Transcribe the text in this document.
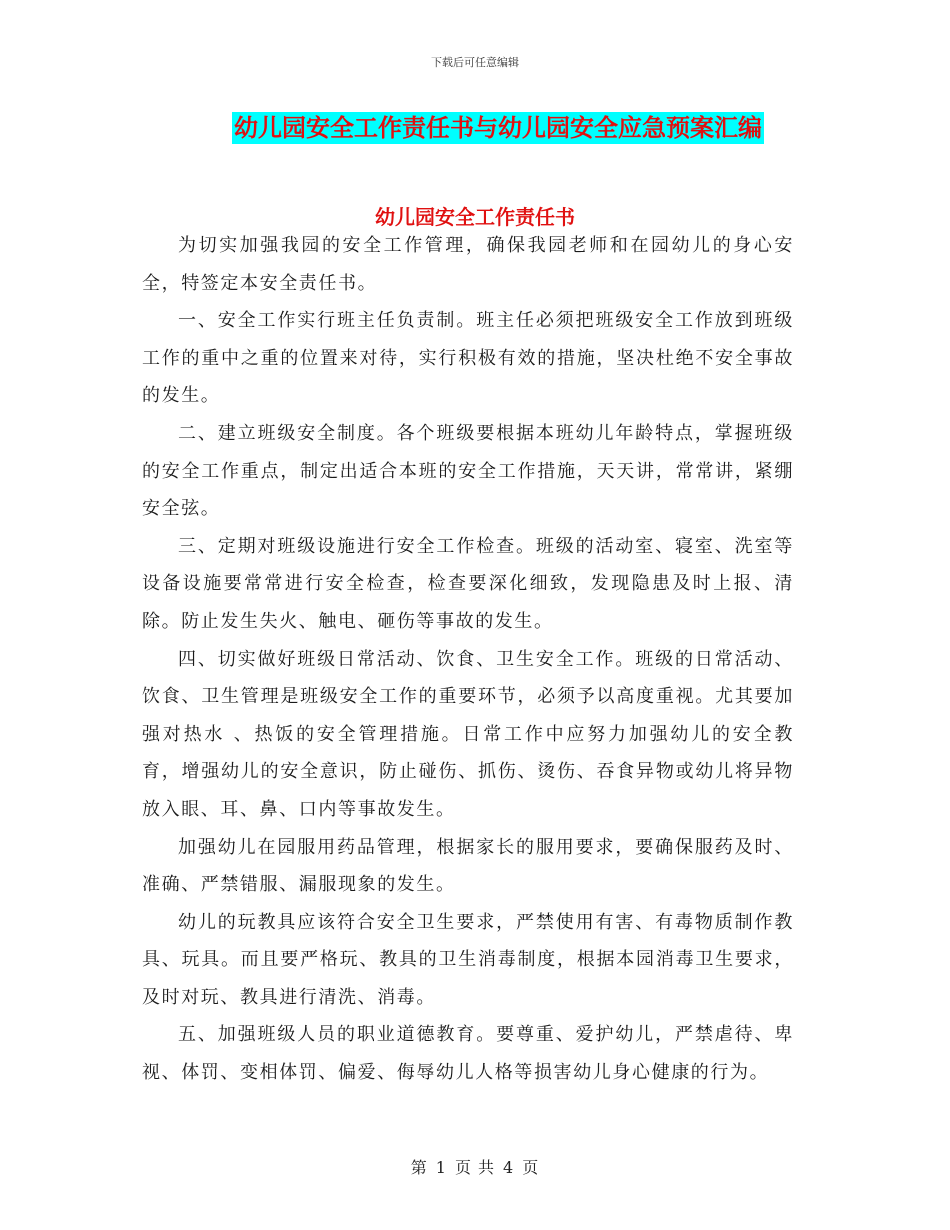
下载后可任意编辑
幼儿园安全工作责任书与幼儿园安全应急预案汇编
幼儿园安全工作责任书

为切实加强我园的安全工作管理，确保我园老师和在园幼儿的身心安全，特签定本安全责任书。

一、安全工作实行班主任负责制。班主任必须把班级安全工作放到班级工作的重中之重的位置来对待，实行积极有效的措施，坚决杜绝不安全事故的发生。

二、建立班级安全制度。各个班级要根据本班幼儿年龄特点，掌握班级的安全工作重点，制定出适合本班的安全工作措施，天天讲，常常讲，紧绷安全弦。

三、定期对班级设施进行安全工作检查。班级的活动室、寝室、洗室等设备设施要常常进行安全检查，检查要深化细致，发现隐患及时上报、清除。防止发生失火、触电、砸伤等事故的发生。

四、切实做好班级日常活动、饮食、卫生安全工作。班级的日常活动、饮食、卫生管理是班级安全工作的重要环节，必须予以高度重视。尤其要加强对热水 、热饭的安全管理措施。日常工作中应努力加强幼儿的安全教育，增强幼儿的安全意识，防止碰伤、抓伤、烫伤、吞食异物或幼儿将异物放入眼、耳、鼻、口内等事故发生。

加强幼儿在园服用药品管理，根据家长的服用要求，要确保服药及时、准确、严禁错服、漏服现象的发生。

幼儿的玩教具应该符合安全卫生要求，严禁使用有害、有毒物质制作教具、玩具。而且要严格玩、教具的卫生消毒制度，根据本园消毒卫生要求，及时对玩、教具进行清洗、消毒。

五、加强班级人员的职业道德教育。要尊重、爱护幼儿，严禁虐待、卑视、体罚、变相体罚、偏爱、侮辱幼儿人格等损害幼儿身心健康的行为。

第 1 页 共 4 页
